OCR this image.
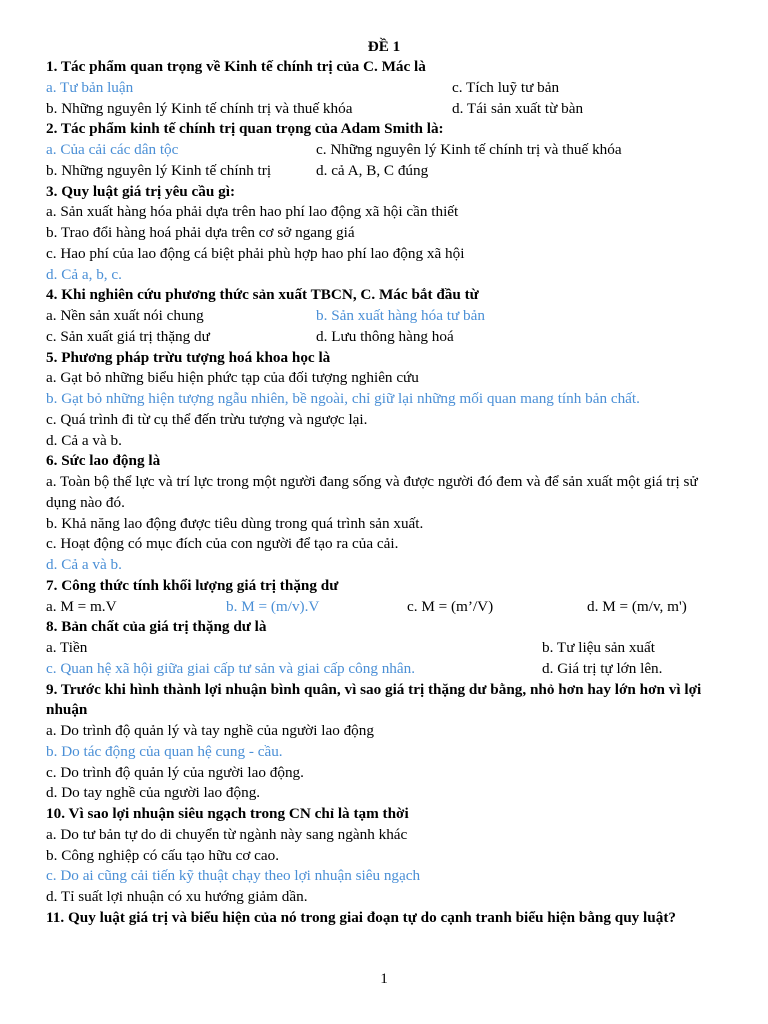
ĐỀ 1
1. Tác phẩm quan trọng về Kinh tế chính trị của C. Mác là
a. Tư bản luận	c. Tích luỹ tư bản
b. Những nguyên lý Kinh tế chính trị và thuế khóa	d. Tái sản xuất từ bàn
2. Tác phẩm kinh tế chính trị quan trọng của Adam Smith là:
a. Của cải các dân tộc	c. Những nguyên lý Kinh tế chính trị và thuế khóa
b. Những nguyên lý Kinh tế chính trị	d. cả A, B, C đúng
3. Quy luật giá trị yêu cầu gì:
a. Sản xuất hàng hóa phải dựa trên hao phí lao động xã hội cần thiết
b. Trao đổi hàng hoá phải dựa trên cơ sở ngang giá
c. Hao phí của lao động cá biệt phải phù hợp hao phí lao động xã hội
d. Cả a, b, c.
4. Khi nghiên cứu phương thức sản xuất TBCN, C. Mác bắt đầu từ
a. Nền sản xuất nói chung	b. Sản xuất hàng hóa tư bản
c. Sản xuất giá trị thặng dư	d. Lưu thông hàng hoá
5. Phương pháp trừu tượng hoá khoa học là
a. Gạt bỏ những biểu hiện phức tạp của đối tượng nghiên cứu
b. Gạt bỏ những hiện tượng ngẫu nhiên, bề ngoài, chỉ giữ lại những mối quan mang tính bản chất.
c. Quá trình đi từ cụ thể đến trừu tượng và ngược lại.
d. Cả a và b.
6. Sức lao động là
a. Toàn bộ thể lực và trí lực trong một người đang sống và được người đó đem và để sản xuất một giá trị sử dụng nào đó.
b. Khả năng lao động được tiêu dùng trong quá trình sản xuất.
c. Hoạt động có mục đích của con người để tạo ra của cải.
d. Cả a và b.
7. Công thức tính khối lượng giá trị thặng dư
a. M = m.V	b. M = (m/v).V	c. M = (m’/V)	d. M = (m/v, m')
8. Bản chất của giá trị thặng dư là
a. Tiền	b. Tư liệu sản xuất
c. Quan hệ xã hội giữa giai cấp tư sản và giai cấp công nhân.	d. Giá trị tự lớn lên.
9. Trước khi hình thành lợi nhuận bình quân, vì sao giá trị thặng dư bằng, nhỏ hơn hay lớn hơn vì lợi nhuận
a. Do trình độ quản lý và tay nghề của người lao động
b. Do tác động của quan hệ cung - cầu.
c. Do trình độ quản lý của người lao động.
d. Do tay nghề của người lao động.
10. Vì sao lợi nhuận siêu ngạch trong CN chỉ là tạm thời
a. Do tư bản tự do di chuyển từ ngành này sang ngành khác
b. Công nghiệp có cấu tạo hữu cơ cao.
c. Do ai cũng cải tiến kỹ thuật chạy theo lợi nhuận siêu ngạch
d. Tỉ suất lợi nhuận có xu hướng giảm dần.
11. Quy luật giá trị và biểu hiện của nó trong giai đoạn tự do cạnh tranh biểu hiện bằng quy luật?
1
